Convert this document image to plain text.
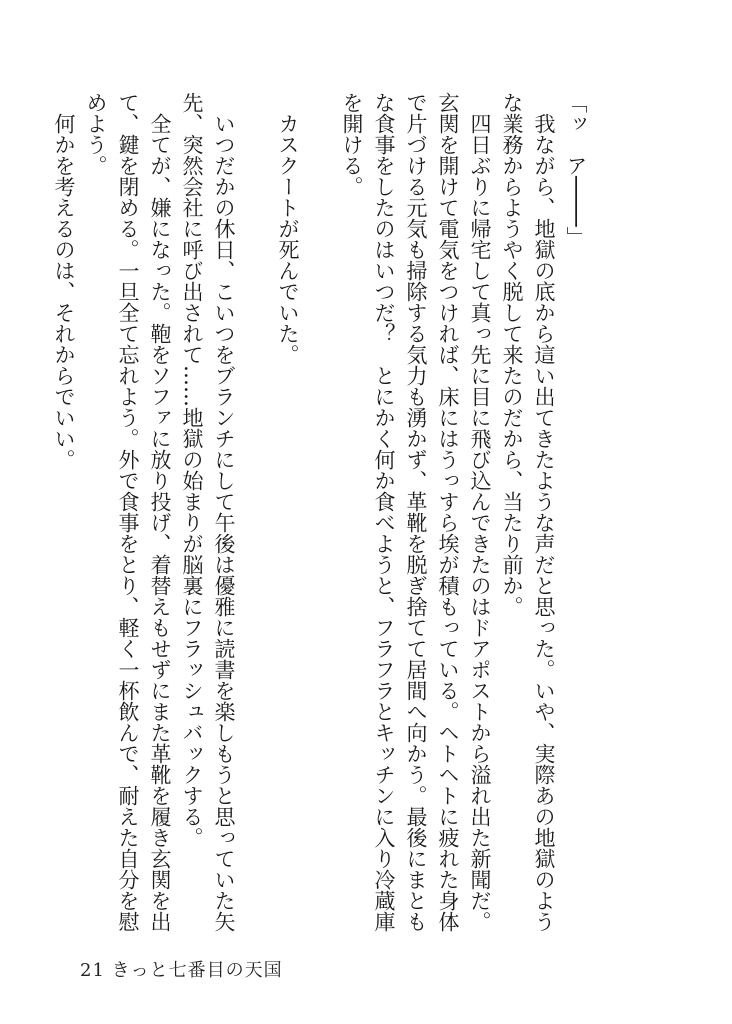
「ッ　ア────」

我ながら、地獄の底から這い出てきたような声だと思った。いや、実際あの地獄のような業務からようやく脱して来たのだから、当たり前か。

四日ぶりに帰宅して真っ先に目に飛び込んできたのはドアポストから溢れ出た新聞だ。玄関を開けて電気をつければ、床にはうっすら埃が積もっている。ヘトヘトに疲れた身体で片づける元気も掃除する気力も湧かず、革靴を脱ぎ捨てて居間へ向かう。最後にまともな食事をしたのはいつだ？　とにかく何か食べようと、フラフラとキッチンに入り冷蔵庫を開ける。

カスクートが死んでいた。

いつだかの休日、こいつをブランチにして午後は優雅に読書を楽しもうと思っていた矢先、突然会社に呼び出されて……地獄の始まりが脳裏にフラッシュバックする。

全てが、嫌になった。鞄をソファに放り投げ、着替えもせずにまた革靴を履き玄関を出て、鍵を閉める。一旦全て忘れよう。外で食事をとり、軽く一杯飲んで、耐えた自分を慰めよう。

何かを考えるのは、それからでいい。

21 きっと七番目の天国
